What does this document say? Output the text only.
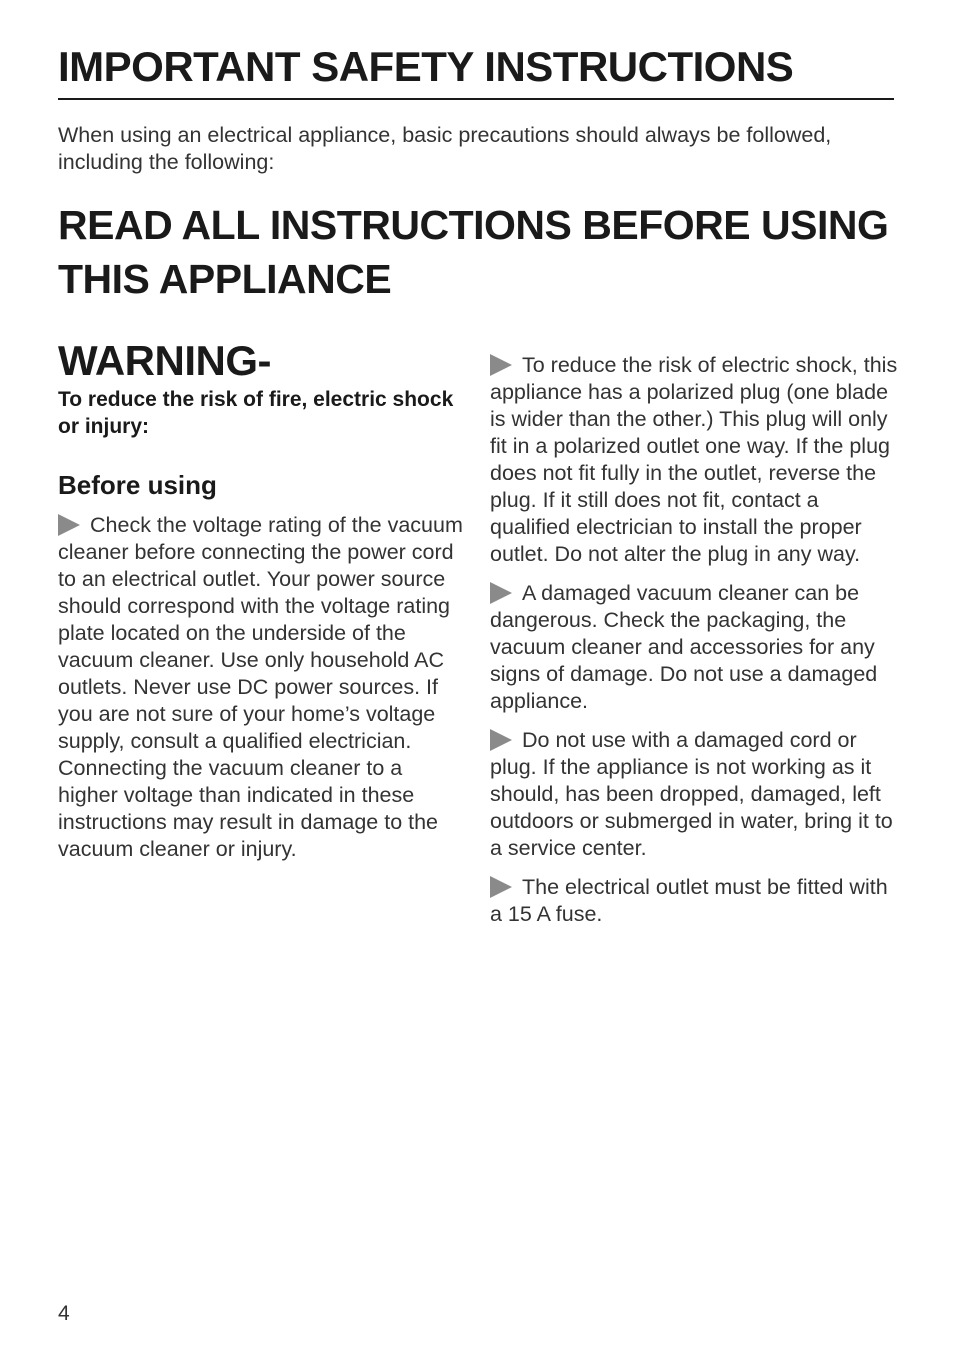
IMPORTANT SAFETY INSTRUCTIONS

When using an electrical appliance, basic precautions should always be followed, including the following:

READ ALL INSTRUCTIONS BEFORE USING THIS APPLIANCE
WARNING-

To reduce the risk of fire, electric shock or injury:

Before using

Check the voltage rating of the vacuum cleaner before connecting the power cord to an electrical outlet. Your power source should correspond with the voltage rating plate located on the underside of the vacuum cleaner. Use only household AC outlets. Never use DC power sources. If you are not sure of your home’s voltage supply, consult a qualified electrician. Connecting the vacuum cleaner to a higher voltage than indicated in these instructions may result in damage to the vacuum cleaner or injury.

To reduce the risk of electric shock, this appliance has a polarized plug (one blade is wider than the other.) This plug will only fit in a polarized outlet one way. If the plug does not fit fully in the outlet, reverse the plug. If it still does not fit, contact a qualified electrician to install the proper outlet. Do not alter the plug in any way.

A damaged vacuum cleaner can be dangerous. Check the packaging, the vacuum cleaner and accessories for any signs of damage. Do not use a damaged appliance.

Do not use with a damaged cord or plug. If the appliance is not working as it should, has been dropped, damaged, left outdoors or submerged in water, bring it to a service center.

The electrical outlet must be fitted with a 15 A fuse.

4
